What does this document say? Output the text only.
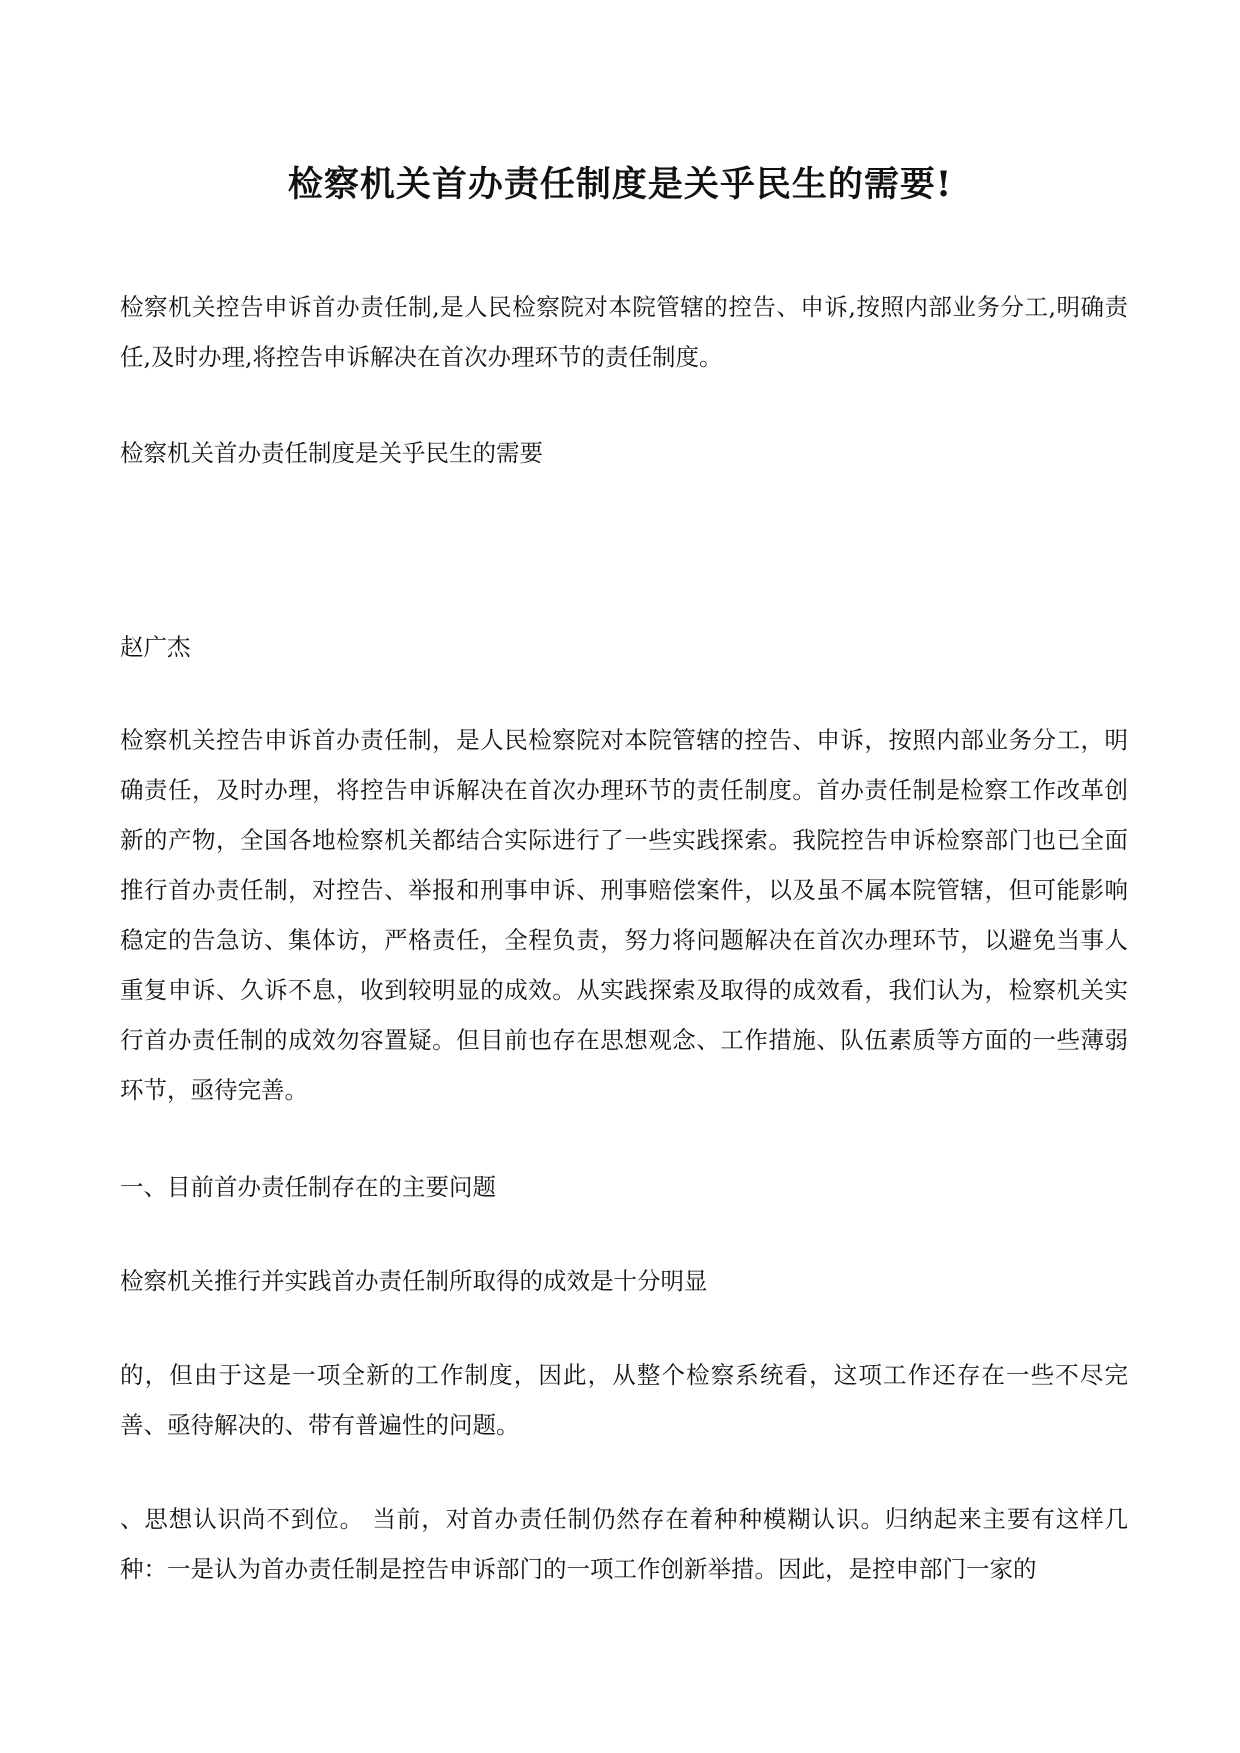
检察机关首办责任制度是关乎民生的需要!

检察机关控告申诉首办责任制,是人民检察院对本院管辖的控告、申诉,按照内部业务分工,明确责任,及时办理,将控告申诉解决在首次办理环节的责任制度。

检察机关首办责任制度是关乎民生的需要

赵广杰

检察机关控告申诉首办责任制，是人民检察院对本院管辖的控告、申诉，按照内部业务分工，明确责任，及时办理，将控告申诉解决在首次办理环节的责任制度。首办责任制是检察工作改革创新的产物，全国各地检察机关都结合实际进行了一些实践探索。我院控告申诉检察部门也已全面推行首办责任制，对控告、举报和刑事申诉、刑事赔偿案件，以及虽不属本院管辖，但可能影响稳定的告急访、集体访，严格责任，全程负责，努力将问题解决在首次办理环节，以避免当事人重复申诉、久诉不息，收到较明显的成效。从实践探索及取得的成效看，我们认为，检察机关实行首办责任制的成效勿容置疑。但目前也存在思想观念、工作措施、队伍素质等方面的一些薄弱环节，亟待完善。

一、目前首办责任制存在的主要问题

检察机关推行并实践首办责任制所取得的成效是十分明显

的，但由于这是一项全新的工作制度，因此，从整个检察系统看，这项工作还存在一些不尽完善、亟待解决的、带有普遍性的问题。

、思想认识尚不到位。 当前，对首办责任制仍然存在着种种模糊认识。归纳起来主要有这样几种：一是认为首办责任制是控告申诉部门的一项工作创新举措。因此，是控申部门一家的
